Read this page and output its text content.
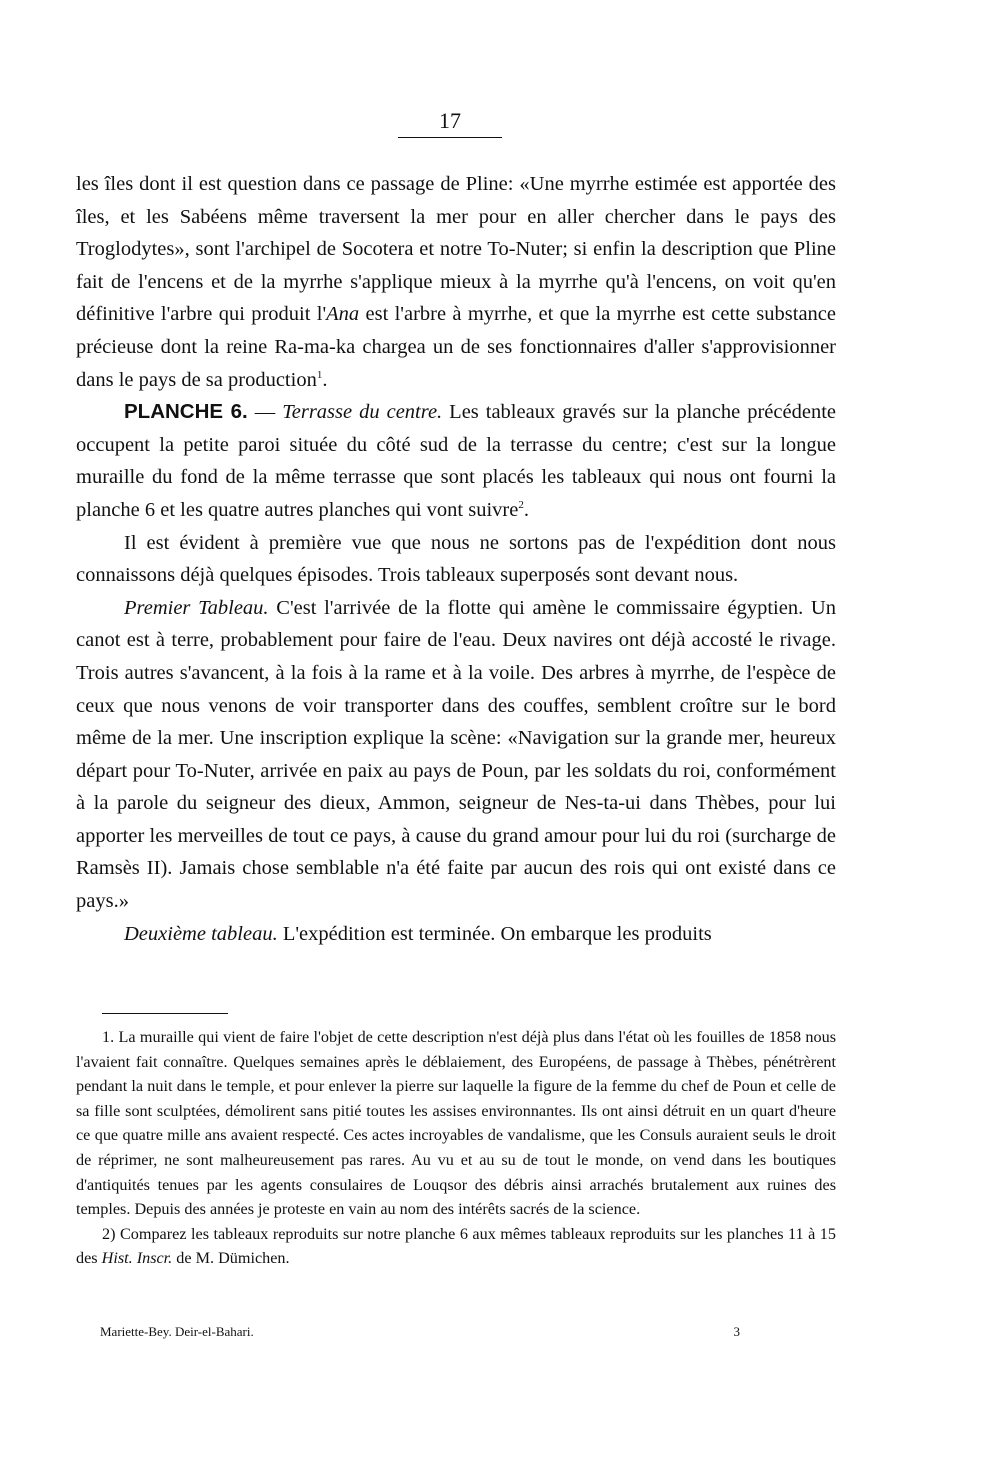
17

les îles dont il est question dans ce passage de Pline: «Une myrrhe estimée est apportée des îles, et les Sabéens même traversent la mer pour en aller chercher dans le pays des Troglodytes», sont l'archipel de Socotera et notre To-Nuter; si enfin la description que Pline fait de l'encens et de la myrrhe s'applique mieux à la myrrhe qu'à l'encens, on voit qu'en définitive l'arbre qui produit l'Ana est l'arbre à myrrhe, et que la myrrhe est cette substance précieuse dont la reine Ra-ma-ka chargea un de ses fonctionnaires d'aller s'approvisionner dans le pays de sa production$^1$.

PLANCHE 6. — Terrasse du centre. Les tableaux gravés sur la planche précédente occupent la petite paroi située du côté sud de la terrasse du centre; c'est sur la longue muraille du fond de la même terrasse que sont placés les tableaux qui nous ont fourni la planche 6 et les quatre autres planches qui vont suivre$^2$.

Il est évident à première vue que nous ne sortons pas de l'expédition dont nous connaissons déjà quelques épisodes. Trois tableaux superposés sont devant nous.

Premier Tableau. C'est l'arrivée de la flotte qui amène le commissaire égyptien. Un canot est à terre, probablement pour faire de l'eau. Deux navires ont déjà accosté le rivage. Trois autres s'avancent, à la fois à la rame et à la voile. Des arbres à myrrhe, de l'espèce de ceux que nous venons de voir transporter dans des couffes, semblent croître sur le bord même de la mer. Une inscription explique la scène: «Navigation sur la grande mer, heureux départ pour To-Nuter, arrivée en paix au pays de Poun, par les soldats du roi, conformément à la parole du seigneur des dieux, Ammon, seigneur de Nes-ta-ui dans Thèbes, pour lui apporter les merveilles de tout ce pays, à cause du grand amour pour lui du roi (surcharge de Ramsès II). Jamais chose semblable n'a été faite par aucun des rois qui ont existé dans ce pays.»

Deuxième tableau. L'expédition est terminée. On embarque les produits

1. La muraille qui vient de faire l'objet de cette description n'est déjà plus dans l'état où les fouilles de 1858 nous l'avaient fait connaître. Quelques semaines après le déblaiement, des Européens, de passage à Thèbes, pénétrèrent pendant la nuit dans le temple, et pour enlever la pierre sur laquelle la figure de la femme du chef de Poun et celle de sa fille sont sculptées, démolirent sans pitié toutes les assises environnantes. Ils ont ainsi détruit en un quart d'heure ce que quatre mille ans avaient respecté. Ces actes incroyables de vandalisme, que les Consuls auraient seuls le droit de réprimer, ne sont malheureusement pas rares. Au vu et au su de tout le monde, on vend dans les boutiques d'antiquités tenues par les agents consulaires de Louqsor des débris ainsi arrachés brutalement aux ruines des temples. Depuis des années je proteste en vain au nom des intérêts sacrés de la science.

2) Comparez les tableaux reproduits sur notre planche 6 aux mêmes tableaux reproduits sur les planches 11 à 15 des Hist. Inscr. de M. Dümichen.

Mariette-Bey. Deir-el-Bahari.	3
